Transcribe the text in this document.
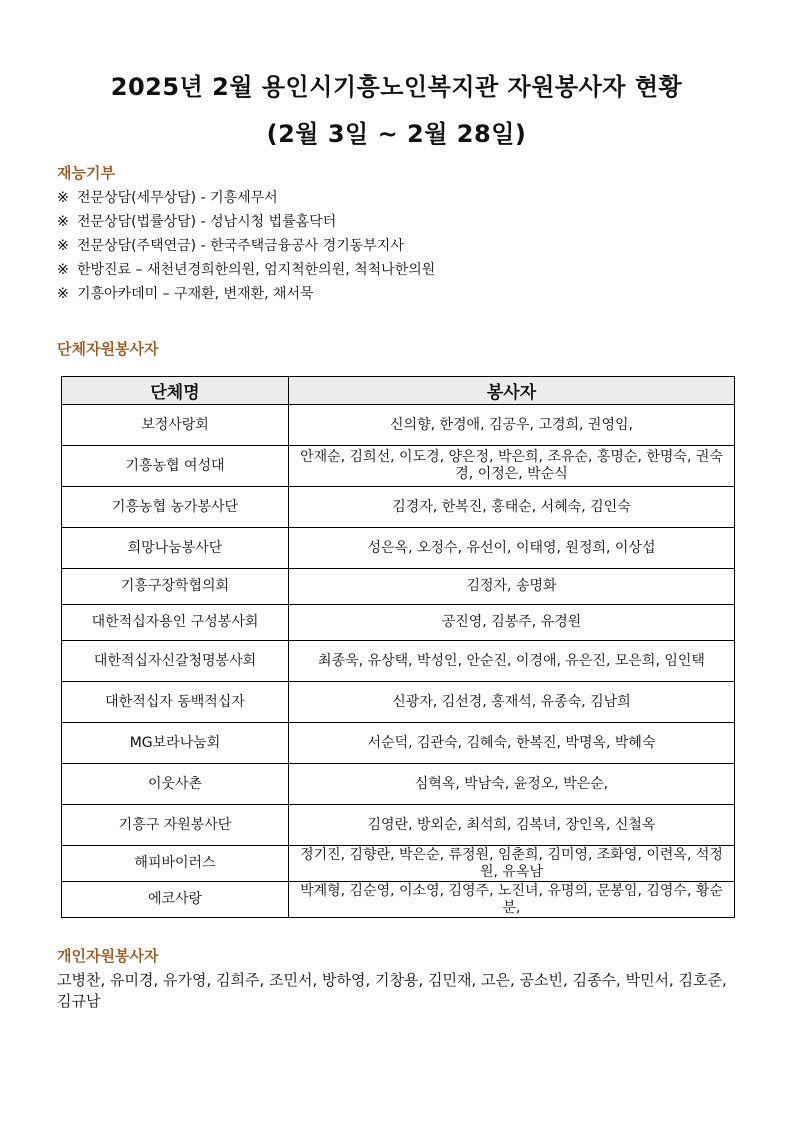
2025년 2월 용인시기흥노인복지관 자원봉사자 현황
(2월 3일 ~ 2월 28일)
재능기부
※ 전문상담(세무상담) - 기흥세무서
※ 전문상담(법률상담) - 성남시청 법률홈닥터
※ 전문상담(주택연금) - 한국주택금융공사 경기동부지사
※ 한방진료 – 새천년경희한의원, 엄지척한의원, 척척나한의원
※ 기흥아카데미 – 구재환, 변재환, 채서묵
단체자원봉사자
단체명	봉사자
보정사랑회	신의향, 한경애, 김공우, 고경희, 권영임,
기흥농협 여성대	안재순, 김희선, 이도경, 양은정, 박은희, 조유순, 홍명순, 한명숙, 권숙경, 이정은, 박순식
기흥농협 농가봉사단	김경자, 한복진, 홍태순, 서혜숙, 김인숙
희망나눔봉사단	성은옥, 오정수, 유선이, 이태영, 원정희, 이상섭
기흥구장학협의회	김정자, 송명화
대한적십자용인 구성봉사회	공진영, 김봉주, 유경원
대한적십자신갈청명봉사회	최종욱, 유상택, 박성인, 안순진, 이경애, 유은진, 모은희, 임인택
대한적십자 동백적십자	신광자, 김선경, 홍재석, 유종숙, 김남희
MG보라나눔회	서순덕, 김관숙, 김혜숙, 한복진, 박명옥, 박혜숙
이웃사촌	심혁옥, 박남숙, 윤정오, 박은순,
기흥구 자원봉사단	김영란, 방외순, 최석희, 김복녀, 장인옥, 신철옥
해피바이러스	정기진, 김향란, 박은순, 류정원, 임춘희, 김미영, 조화영, 이련옥, 석정원, 유옥남
에코사랑	박계형, 김순영, 이소영, 김영주, 노진녀, 유명의, 문봉임, 김영수, 황순분,
개인자원봉사자
고병찬, 유미경, 유가영, 김희주, 조민서, 방하영, 기창용, 김민재, 고은, 공소빈, 김종수, 박민서, 김호준, 김규남
